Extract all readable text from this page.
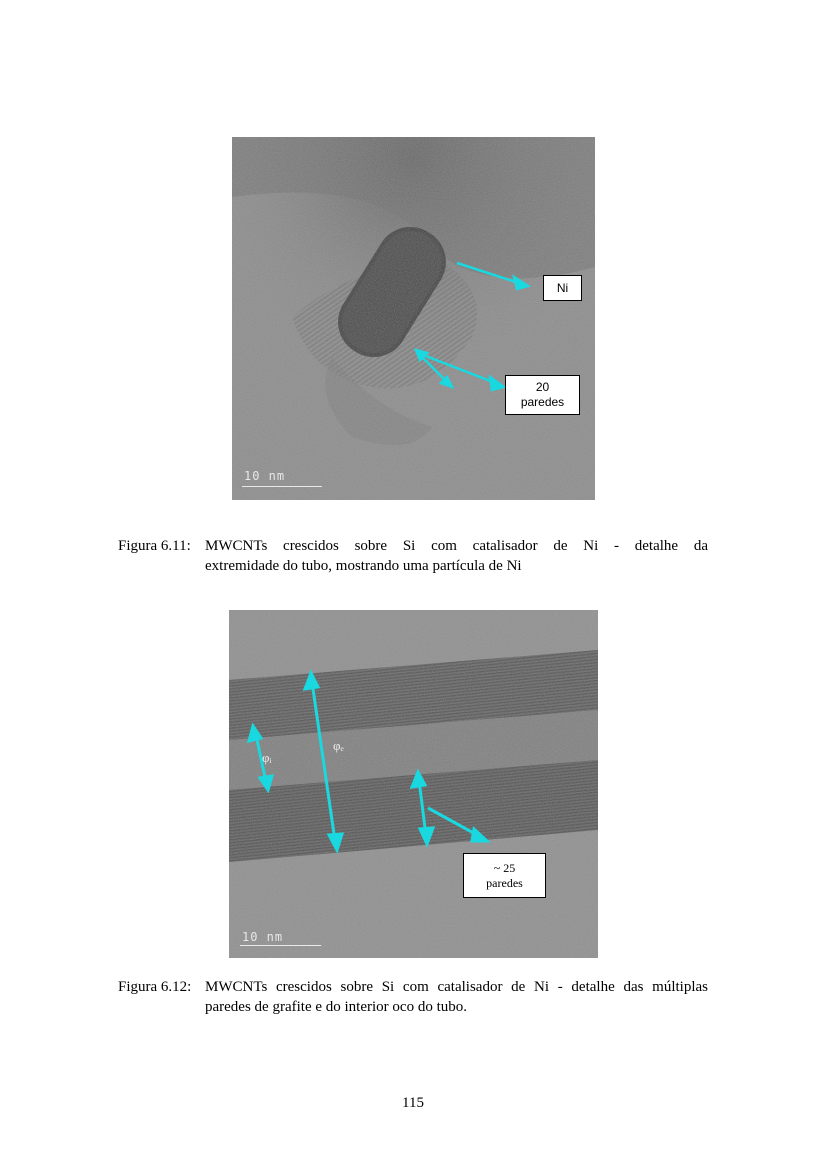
Ni
20
paredes
10 nm
Figura 6.11: MWCNTs crescidos sobre Si com catalisador de Ni - detalhe da
extremidade do tubo, mostrando uma partícula de Ni
φᵢ
φₑ
~ 25
paredes
10 nm
Figura 6.12: MWCNTs crescidos sobre Si com catalisador de Ni - detalhe das múltiplas
paredes de grafite e do interior oco do tubo.
115
